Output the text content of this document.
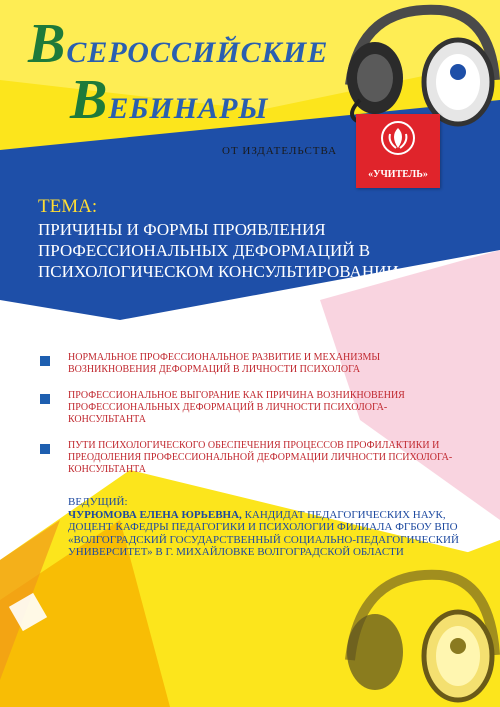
ВСЕРОССИЙСКИЕ
ВЕБИНАРЫ
ОТ ИЗДАТЕЛЬСТВА
«УЧИТЕЛЬ»
ТЕМА:
ПРИЧИНЫ И ФОРМЫ ПРОЯВЛЕНИЯ ПРОФЕССИОНАЛЬНЫХ ДЕФОРМАЦИЙ В ПСИХОЛОГИЧЕСКОМ КОНСУЛЬТИРОВАНИИ
НОРМАЛЬНОЕ ПРОФЕССИОНАЛЬНОЕ РАЗВИТИЕ И МЕХАНИЗМЫ ВОЗНИКНОВЕНИЯ ДЕФОРМАЦИЙ В ЛИЧНОСТИ ПСИХОЛОГА
ПРОФЕССИОНАЛЬНОЕ ВЫГОРАНИЕ КАК ПРИЧИНА ВОЗНИКНОВЕНИЯ ПРОФЕССИОНАЛЬНЫХ ДЕФОРМАЦИЙ В ЛИЧНОСТИ ПСИХОЛОГА-КОНСУЛЬТАНТА
ПУТИ ПСИХОЛОГИЧЕСКОГО ОБЕСПЕЧЕНИЯ ПРОЦЕССОВ ПРОФИЛАКТИКИ И ПРЕОДОЛЕНИЯ ПРОФЕССИОНАЛЬНОЙ ДЕФОРМАЦИИ ЛИЧНОСТИ ПСИХОЛОГА-КОНСУЛЬТАНТА
ВЕДУЩИЙ:
ЧУРЮМОВА ЕЛЕНА ЮРЬЕВНА, КАНДИДАТ ПЕДАГОГИЧЕСКИХ НАУК, ДОЦЕНТ КАФЕДРЫ ПЕДАГОГИКИ И ПСИХОЛОГИИ ФИЛИАЛА ФГБОУ ВПО «ВОЛГОГРАДСКИЙ ГОСУДАРСТВЕННЫЙ СОЦИАЛЬНО-ПЕДАГОГИЧЕСКИЙ УНИВЕРСИТЕТ» В Г. МИХАЙЛОВКЕ ВОЛГОГРАДСКОЙ ОБЛАСТИ
